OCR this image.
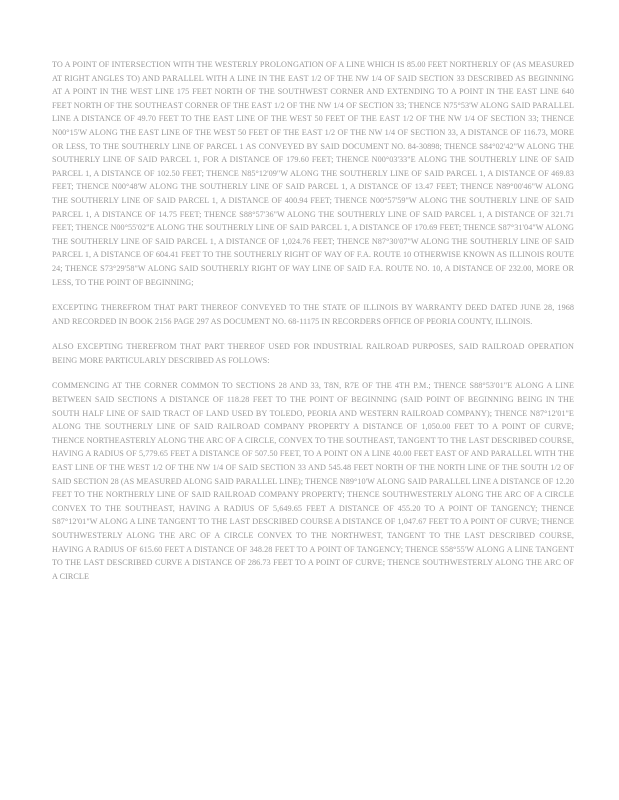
TO A POINT OF INTERSECTION WITH THE WESTERLY PROLONGATION OF A LINE WHICH IS 85.00 FEET NORTHERLY OF (AS MEASURED AT RIGHT ANGLES TO) AND PARALLEL WITH A LINE IN THE EAST 1/2 OF THE NW 1/4 OF SAID SECTION 33 DESCRIBED AS BEGINNING AT A POINT IN THE WEST LINE 175 FEET NORTH OF THE SOUTHWEST CORNER AND EXTENDING TO A POINT IN THE EAST LINE 640 FEET NORTH OF THE SOUTHEAST CORNER OF THE EAST 1/2 OF THE NW 1/4 OF SECTION 33; THENCE N75°53'W ALONG SAID PARALLEL LINE A DISTANCE OF 49.70 FEET TO THE EAST LINE OF THE WEST 50 FEET OF THE EAST 1/2 OF THE NW 1/4 OF SECTION 33; THENCE N00°15'W ALONG THE EAST LINE OF THE WEST 50 FEET OF THE EAST 1/2 OF THE NW 1/4 OF SECTION 33, A DISTANCE OF 116.73, MORE OR LESS, TO THE SOUTHERLY LINE OF PARCEL 1 AS CONVEYED BY SAID DOCUMENT NO. 84-30898; THENCE S84°02'42"W ALONG THE SOUTHERLY LINE OF SAID PARCEL 1, FOR A DISTANCE OF 179.60 FEET; THENCE N00°03'33"E ALONG THE SOUTHERLY LINE OF SAID PARCEL 1, A DISTANCE OF 102.50 FEET; THENCE N85°12'09"W ALONG THE SOUTHERLY LINE OF SAID PARCEL 1, A DISTANCE OF 469.83 FEET; THENCE N00°48'W ALONG THE SOUTHERLY LINE OF SAID PARCEL 1, A DISTANCE OF 13.47 FEET; THENCE N89°00'46"W ALONG THE SOUTHERLY LINE OF SAID PARCEL 1, A DISTANCE OF 400.94 FEET; THENCE N00°57'59"W ALONG THE SOUTHERLY LINE OF SAID PARCEL 1, A DISTANCE OF 14.75 FEET; THENCE S88°57'36"W ALONG THE SOUTHERLY LINE OF SAID PARCEL 1, A DISTANCE OF 321.71 FEET; THENCE N00°55'02"E ALONG THE SOUTHERLY LINE OF SAID PARCEL 1, A DISTANCE OF 170.69 FEET; THENCE S87°31'04"W ALONG THE SOUTHERLY LINE OF SAID PARCEL 1, A DISTANCE OF 1,024.76 FEET; THENCE N87°30'07"W ALONG THE SOUTHERLY LINE OF SAID PARCEL 1, A DISTANCE OF 604.41 FEET TO THE SOUTHERLY RIGHT OF WAY OF F.A. ROUTE 10 OTHERWISE KNOWN AS ILLINOIS ROUTE 24; THENCE S73°29'58"W ALONG SAID SOUTHERLY RIGHT OF WAY LINE OF SAID F.A. ROUTE NO. 10, A DISTANCE OF 232.00, MORE OR LESS, TO THE POINT OF BEGINNING;

EXCEPTING THEREFROM THAT PART THEREOF CONVEYED TO THE STATE OF ILLINOIS BY WARRANTY DEED DATED JUNE 28, 1968 AND RECORDED IN BOOK 2156 PAGE 297 AS DOCUMENT NO. 68-11175 IN RECORDERS OFFICE OF PEORIA COUNTY, ILLINOIS.

ALSO EXCEPTING THEREFROM THAT PART THEREOF USED FOR INDUSTRIAL RAILROAD PURPOSES, SAID RAILROAD OPERATION BEING MORE PARTICULARLY DESCRIBED AS FOLLOWS:

COMMENCING AT THE CORNER COMMON TO SECTIONS 28 AND 33, T8N, R7E OF THE 4TH P.M.; THENCE S88°53'01"E ALONG A LINE BETWEEN SAID SECTIONS A DISTANCE OF 118.28 FEET TO THE POINT OF BEGINNING (SAID POINT OF BEGINNING BEING IN THE SOUTH HALF LINE OF SAID TRACT OF LAND USED BY TOLEDO, PEORIA AND WESTERN RAILROAD COMPANY); THENCE N87°12'01"E ALONG THE SOUTHERLY LINE OF SAID RAILROAD COMPANY PROPERTY A DISTANCE OF 1,050.00 FEET TO A POINT OF CURVE; THENCE NORTHEASTERLY ALONG THE ARC OF A CIRCLE, CONVEX TO THE SOUTHEAST, TANGENT TO THE LAST DESCRIBED COURSE, HAVING A RADIUS OF 5,779.65 FEET A DISTANCE OF 507.50 FEET, TO A POINT ON A LINE 40.00 FEET EAST OF AND PARALLEL WITH THE EAST LINE OF THE WEST 1/2 OF THE NW 1/4 OF SAID SECTION 33 AND 545.48 FEET NORTH OF THE NORTH LINE OF THE SOUTH 1/2 OF SAID SECTION 28 (AS MEASURED ALONG SAID PARALLEL LINE); THENCE N89°10'W ALONG SAID PARALLEL LINE A DISTANCE OF 12.20 FEET TO THE NORTHERLY LINE OF SAID RAILROAD COMPANY PROPERTY; THENCE SOUTHWESTERLY ALONG THE ARC OF A CIRCLE CONVEX TO THE SOUTHEAST, HAVING A RADIUS OF 5,649.65 FEET A DISTANCE OF 455.20 TO A POINT OF TANGENCY; THENCE S87°12'01"W ALONG A LINE TANGENT TO THE LAST DESCRIBED COURSE A DISTANCE OF 1,047.67 FEET TO A POINT OF CURVE; THENCE SOUTHWESTERLY ALONG THE ARC OF A CIRCLE CONVEX TO THE NORTHWEST, TANGENT TO THE LAST DESCRIBED COURSE, HAVING A RADIUS OF 615.60 FEET A DISTANCE OF 348.28 FEET TO A POINT OF TANGENCY; THENCE S58°55'W ALONG A LINE TANGENT TO THE LAST DESCRIBED CURVE A DISTANCE OF 286.73 FEET TO A POINT OF CURVE; THENCE SOUTHWESTERLY ALONG THE ARC OF A CIRCLE
